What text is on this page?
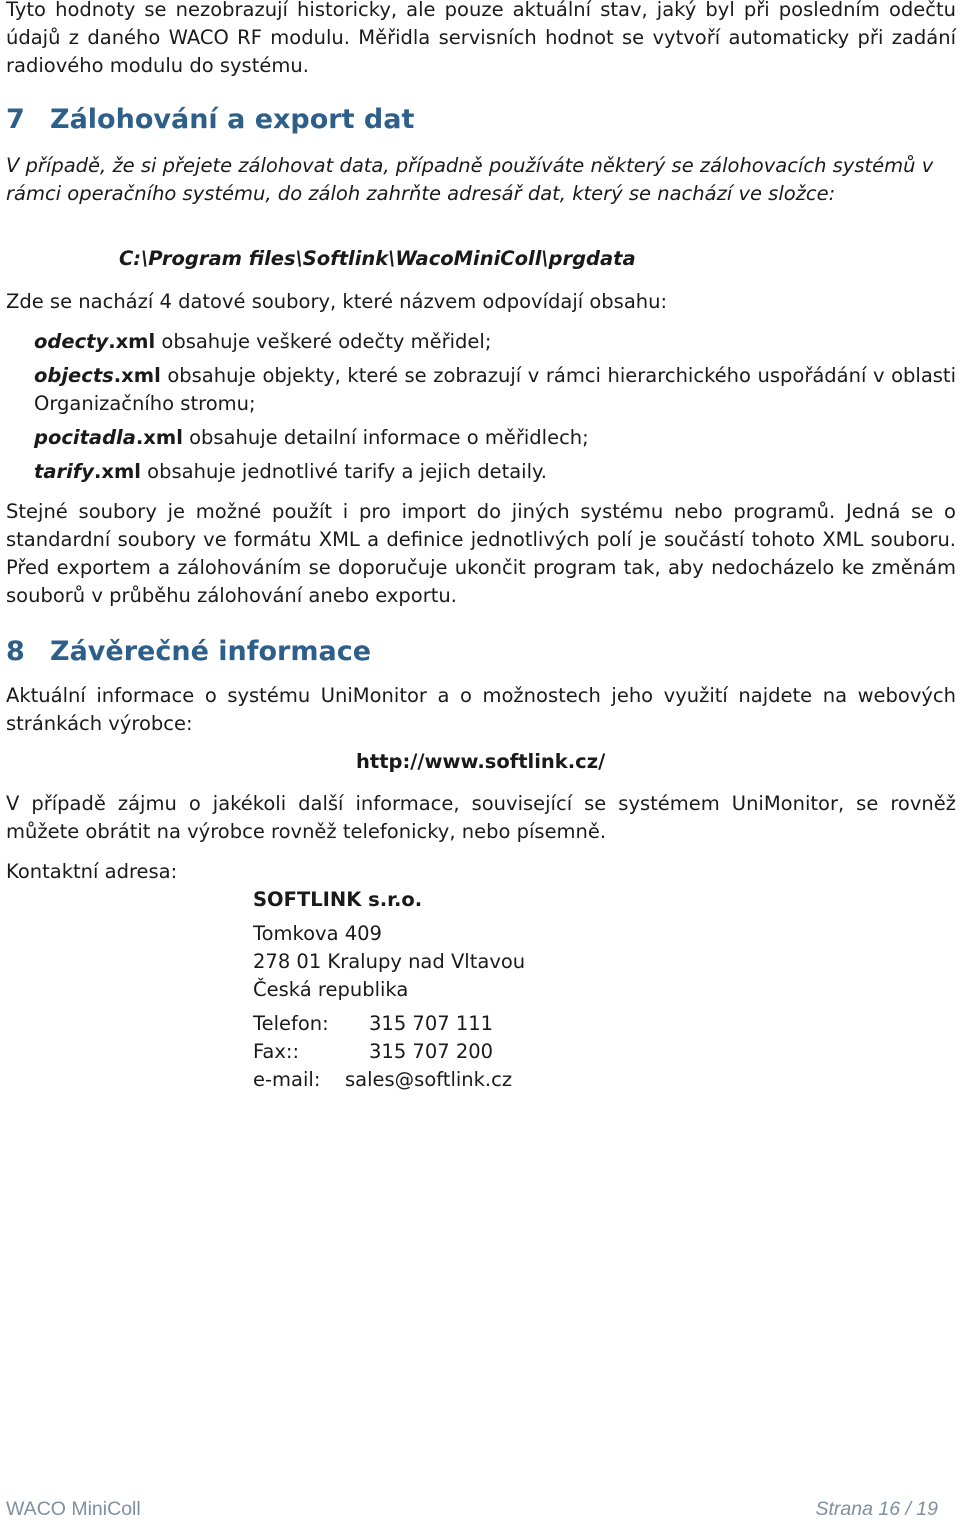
Tyto hodnoty se nezobrazují historicky, ale pouze aktuální stav, jaký byl při posledním odečtu údajů z daného WACO RF modulu. Měřidla servisních hodnot se vytvoří automaticky při zadání radiového modulu do systému.

7 Zálohování a export dat

V případě, že si přejete zálohovat data, případně používáte některý se zálohovacích systémů v rámci operačního systému, do záloh zahrňte adresář dat, který se nachází ve složce:

C:\Program files\Softlink\WacoMiniColl\prgdata

Zde se nachází 4 datové soubory, které názvem odpovídají obsahu:

odecty.xml obsahuje veškeré odečty měřidel;
objects.xml obsahuje objekty, které se zobrazují v rámci hierarchického uspořádání v oblasti Organizačního stromu;
pocitadla.xml obsahuje detailní informace o měřidlech;
tarify.xml obsahuje jednotlivé tarify a jejich detaily.

Stejné soubory je možné použít i pro import do jiných systému nebo programů. Jedná se o standardní soubory ve formátu XML a definice jednotlivých polí je součástí tohoto XML souboru. Před exportem a zálohováním se doporučuje ukončit program tak, aby nedocházelo ke změnám souborů v průběhu zálohování anebo exportu.

8 Závěrečné informace

Aktuální informace o systému UniMonitor a o možnostech jeho využití najdete na webových stránkách výrobce:

http://www.softlink.cz/

V případě zájmu o jakékoli další informace, související se systémem UniMonitor, se rovněž můžete obrátit na výrobce rovněž telefonicky, nebo písemně.

Kontaktní adresa:

SOFTLINK s.r.o.
Tomkova 409
278 01 Kralupy nad Vltavou
Česká republika
Telefon:	315 707 111
Fax::	315 707 200
e-mail:	sales@softlink.cz
WACO MiniColl	Strana 16 / 19
